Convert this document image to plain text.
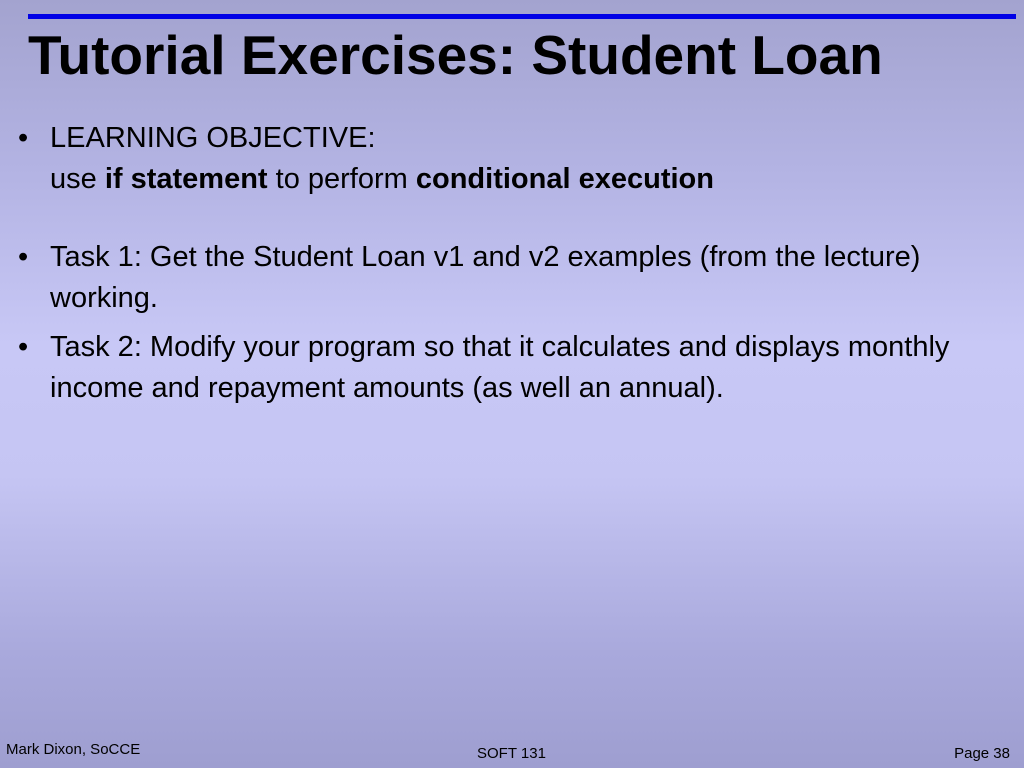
Tutorial Exercises: Student Loan
• LEARNING OBJECTIVE:
use if statement to perform conditional execution
• Task 1: Get the Student Loan v1 and v2 examples (from the lecture) working.
• Task 2: Modify your program so that it calculates and displays monthly income and repayment amounts (as well an annual).
Mark Dixon, SoCCE	SOFT 131	Page 38
